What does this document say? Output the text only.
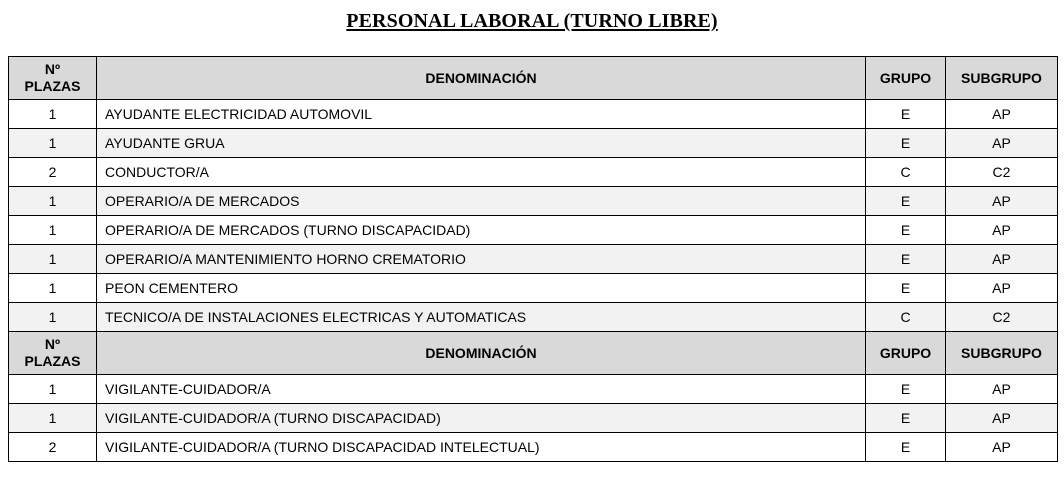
PERSONAL LABORAL (TURNO LIBRE)
Nº
PLAZAS	DENOMINACIÓN	GRUPO	SUBGRUPO
1	AYUDANTE ELECTRICIDAD AUTOMOVIL	E	AP
1	AYUDANTE GRUA	E	AP
2	CONDUCTOR/A	C	C2
1	OPERARIO/A DE MERCADOS	E	AP
1	OPERARIO/A DE MERCADOS (TURNO DISCAPACIDAD)	E	AP
1	OPERARIO/A MANTENIMIENTO HORNO CREMATORIO	E	AP
1	PEON CEMENTERO	E	AP
1	TECNICO/A DE INSTALACIONES ELECTRICAS Y AUTOMATICAS	C	C2
Nº
PLAZAS	DENOMINACIÓN	GRUPO	SUBGRUPO
1	VIGILANTE-CUIDADOR/A	E	AP
1	VIGILANTE-CUIDADOR/A (TURNO DISCAPACIDAD)	E	AP
2	VIGILANTE-CUIDADOR/A (TURNO DISCAPACIDAD INTELECTUAL)	E	AP
